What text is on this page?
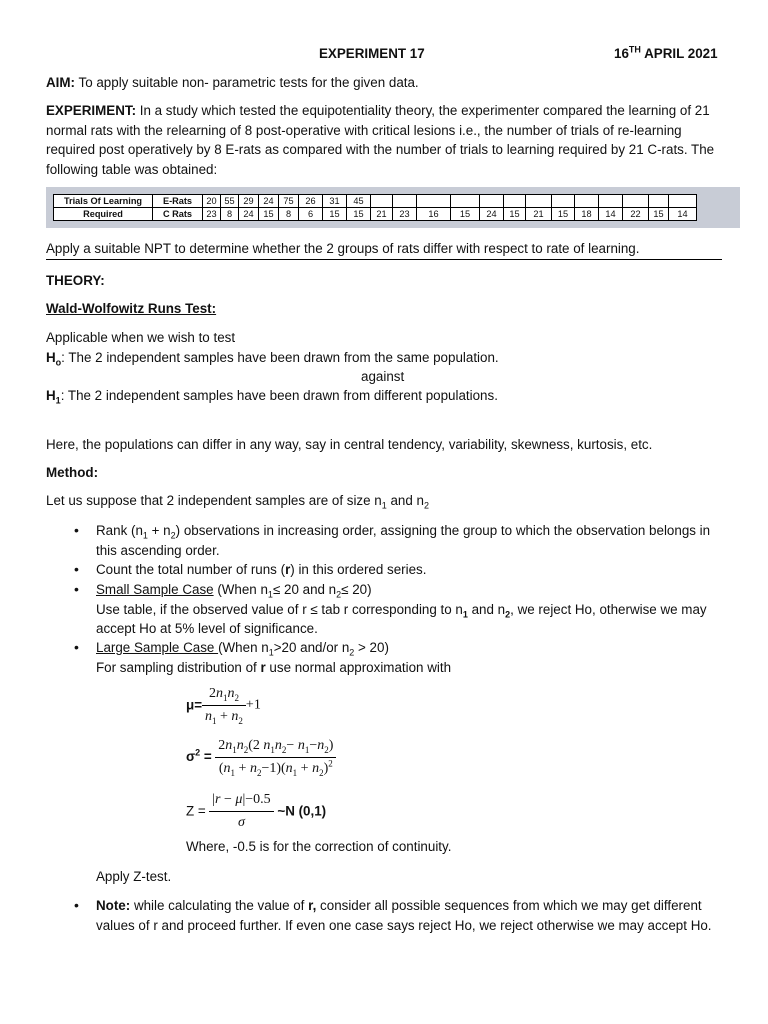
EXPERIMENT 17	16TH APRIL 2021
AIM: To apply suitable non- parametric tests for the given data.
EXPERIMENT: In a study which tested the equipotentiality theory, the experimenter compared the learning of 21 normal rats with the relearning of 8 post-operative with critical lesions i.e., the number of trials of re-learning required post operatively by 8 E-rats as compared with the number of trials to learning required by 21 C-rats. The following table was obtained:
Trials Of Learning	E-Rats	20	55	29	24	75	26	31	45													
Required	C Rats	23	8	24	15	8	6	15	15	21	23	16	15	24	15	21	15	18	14	22	15	14
Apply a suitable NPT to determine whether the 2 groups of rats differ with respect to rate of learning.
THEORY:
Wald-Wolfowitz Runs Test:
Applicable when we wish to test
$H_o$: The 2 independent samples have been drawn from the same population.
against
$H_1$: The 2 independent samples have been drawn from different populations.
Here, the populations can differ in any way, say in central tendency, variability, skewness, kurtosis, etc.
Method:
Let us suppose that 2 independent samples are of size $n_1$ and $n_2$
• Rank $(n_1 + n_2)$ observations in increasing order, assigning the group to which the observation belongs in this ascending order.
• Count the total number of runs (r) in this ordered series.
• Small Sample Case (When $n_1\le 20$ and $n_2\le 20$)
Use table, if the observed value of r ≤ tab r corresponding to $n_1$ and $n_2$, we reject Ho, otherwise we may accept Ho at 5% level of significance.
• Large Sample Case (When $n_1>20$ and/or $n_2 > 20$)
For sampling distribution of r use normal approximation with
$\mu= \frac{2n_1n_2}{n_1 + n_2} +1$
$\sigma^2 = \frac{2n_1n_2(2 n_1n_2- n_1-n_2)}{(n_1 + n_2-1)(n_1 + n_2)^2}$
$Z = \frac{|r - \mu|-0.5}{\sigma}$ ~N (0,1)
Where, -0.5 is for the correction of continuity.
Apply Z-test.
• Note: while calculating the value of r, consider all possible sequences from which we may get different values of r and proceed further. If even one case says reject Ho, we reject otherwise we may accept Ho.
